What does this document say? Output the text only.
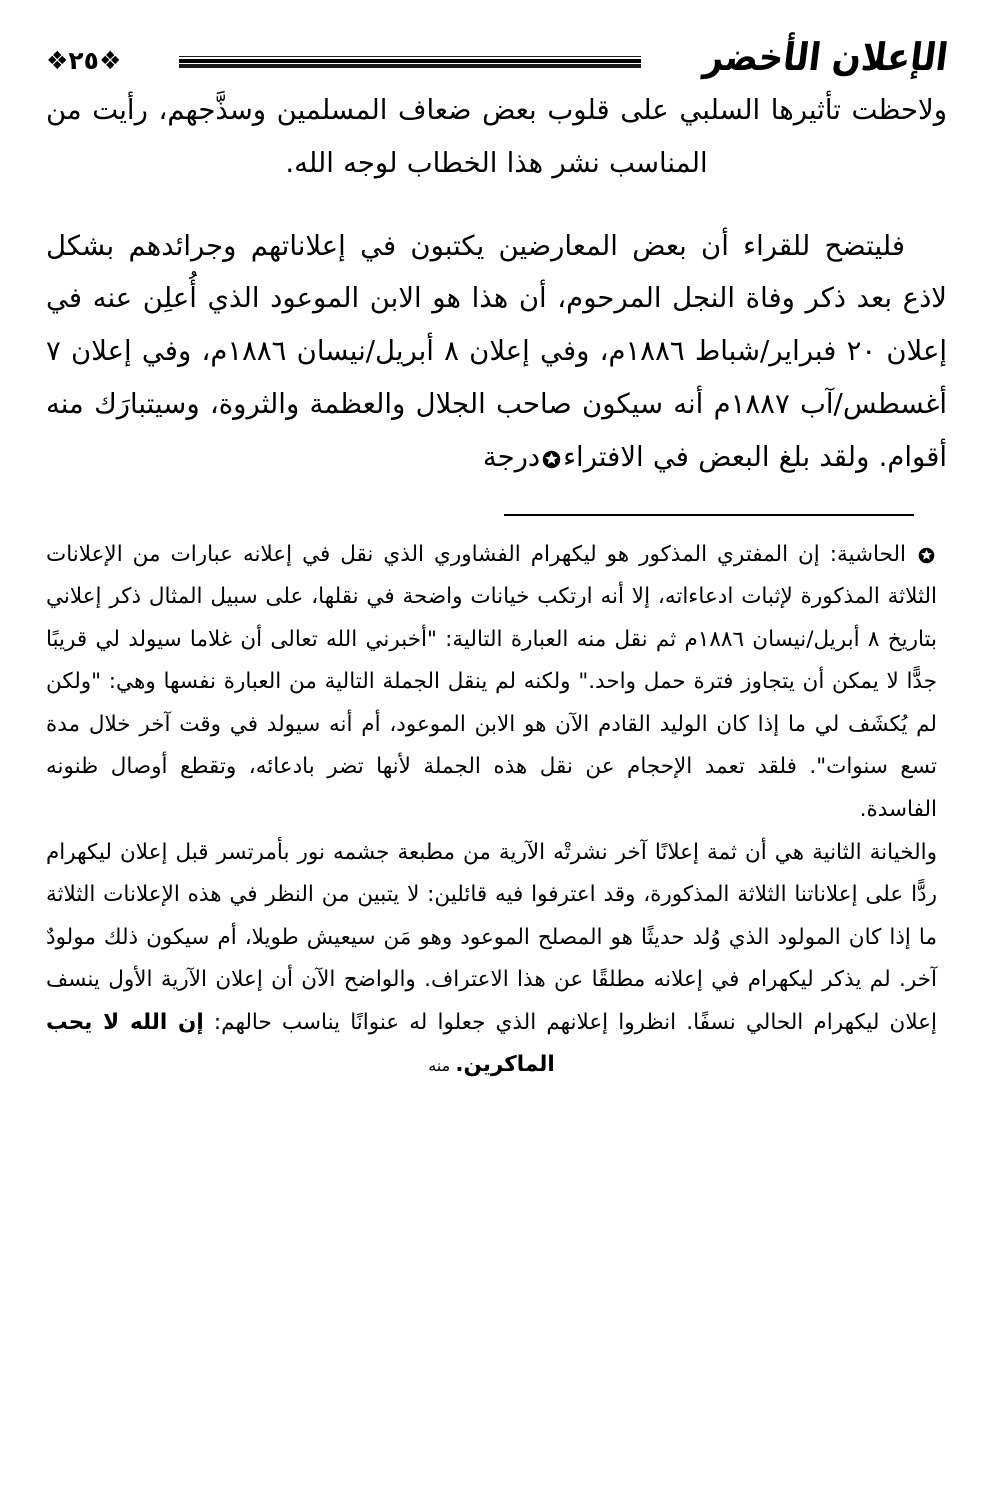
❖٢٥❖	الإعلان الأخضر

ولاحظت تأثيرها السلبي على قلوب بعض ضعاف المسلمين وسذَّجهم، رأيت من المناسب نشر هذا الخطاب لوجه الله.

فليتضح للقراء أن بعض المعارضين يكتبون في إعلاناتهم وجرائدهم بشكل لاذع بعد ذكر وفاة النجل المرحوم، أن هذا هو الابن الموعود الذي أُعلِن عنه في إعلان ٢٠ فبراير/شباط ١٨٨٦م، وفي إعلان ٨ أبريل/نيسان ١٨٨٦م، وفي إعلان ٧ أغسطس/آب ١٨٨٧م أنه سيكون صاحب الجلال والعظمة والثروة، وسيتبارَك منه أقوام. ولقد بلغ البعض في الافتراءدرجة

الحاشية: إن المفتري المذكور هو ليكهرام الفشاوري الذي نقل في إعلانه عبارات من الإعلانات الثلاثة المذكورة لإثبات ادعاءاته، إلا أنه ارتكب خيانات واضحة في نقلها، على سبيل المثال ذكر إعلاني بتاريخ ٨ أبريل/نيسان ١٨٨٦م ثم نقل منه العبارة التالية: "أخبرني الله تعالى أن غلاما سيولد لي قريبًا جدًّا لا يمكن أن يتجاوز فترة حمل واحد." ولكنه لم ينقل الجملة التالية من العبارة نفسها وهي: "ولكن لم يُكشَف لي ما إذا كان الوليد القادم الآن هو الابن الموعود، أم أنه سيولد في وقت آخر خلال مدة تسع سنوات". فلقد تعمد الإحجام عن نقل هذه الجملة لأنها تضر بادعائه، وتقطع أوصال ظنونه الفاسدة.

والخيانة الثانية هي أن ثمة إعلانًا آخر نشرتْه الآرية من مطبعة جشمه نور بأمرتسر قبل إعلان ليكهرام ردًّا على إعلاناتنا الثلاثة المذكورة، وقد اعترفوا فيه قائلين: لا يتبين من النظر في هذه الإعلانات الثلاثة ما إذا كان المولود الذي وُلد حديثًا هو المصلح الموعود وهو مَن سيعيش طويلا، أم سيكون ذلك مولودٌ آخر. لم يذكر ليكهرام في إعلانه مطلقًا عن هذا الاعتراف. والواضح الآن أن إعلان الآرية الأول ينسف إعلان ليكهرام الحالي نسفًا. انظروا إعلانهم الذي جعلوا له عنوانًا يناسب حالهم: إن الله لا يحب الماكرين. منه
